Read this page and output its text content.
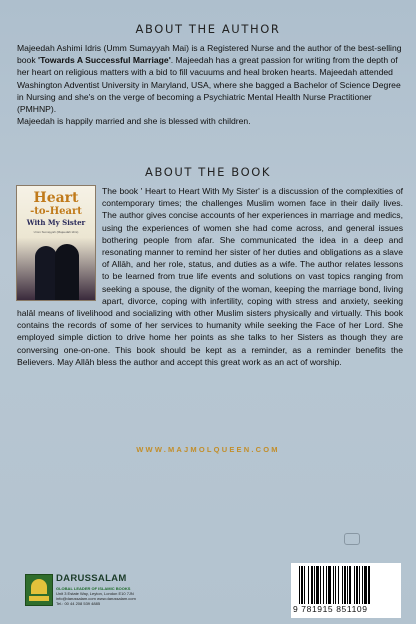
ABOUT THE AUTHOR

Majeedah Ashimi Idris (Umm Sumayyah Mai) is a Registered Nurse and the author of the best-selling book 'Towards A Successful Marriage'. Majeedah has a great passion for writing from the depth of her heart on religious matters with a bid to fill vacuums and heal broken hearts. Majeedah attended Washington Adventist University in Maryland, USA, where she bagged a Bachelor of Science Degree in Nursing and she's on the verge of becoming a Psychiatric Mental Health Nurse Practitioner (PMHNP).

Majeedah is happily married and she is blessed with children.

ABOUT THE BOOK
Heart
-to-Heart
With My Sister
Umm Sumayyah (Majeedah Idris)

The book ' Heart to Heart With My Sister' is a discussion of the complexities of contemporary times; the challenges Muslim women face in their daily lives. The author gives concise accounts of her experiences in marriage and medics, using the experiences of women she had come across, and general issues bothering people from afar. She communicated the idea in a deep and resonating manner to remind her sister of her duties and obligations as a slave of Allāh, and her role, status, and duties as a wife. The author relates lessons to be learned from true life events and solutions on vast topics ranging from seeking a spouse, the dignity of the woman, keeping the marriage bond, living apart, divorce, coping with infertility, coping with stress and anxiety, seeking halāl means of livelihood and socializing with other Muslim sisters physically and virtually. This book contains the records of some of her services to humanity while seeking the Face of her Lord. She employed simple diction to drive home her points as she talks to her Sisters as though they are conversing one-on-one. This book should be kept as a reminder, as a reminder benefits the Believers. May Allāh bless the author and accept this great work as an act of worship.

WWW.MAJMOLQUEEN.COM
DARUSSALAM
GLOBAL LEADER OF ISLAMIC BOOKS
Unit 3 Estate Way, Leyton, London E10 7JN
info@darussalam.com www.darussalam.com
Tel.: 00 44 208 539 4885
9 781915 851109
